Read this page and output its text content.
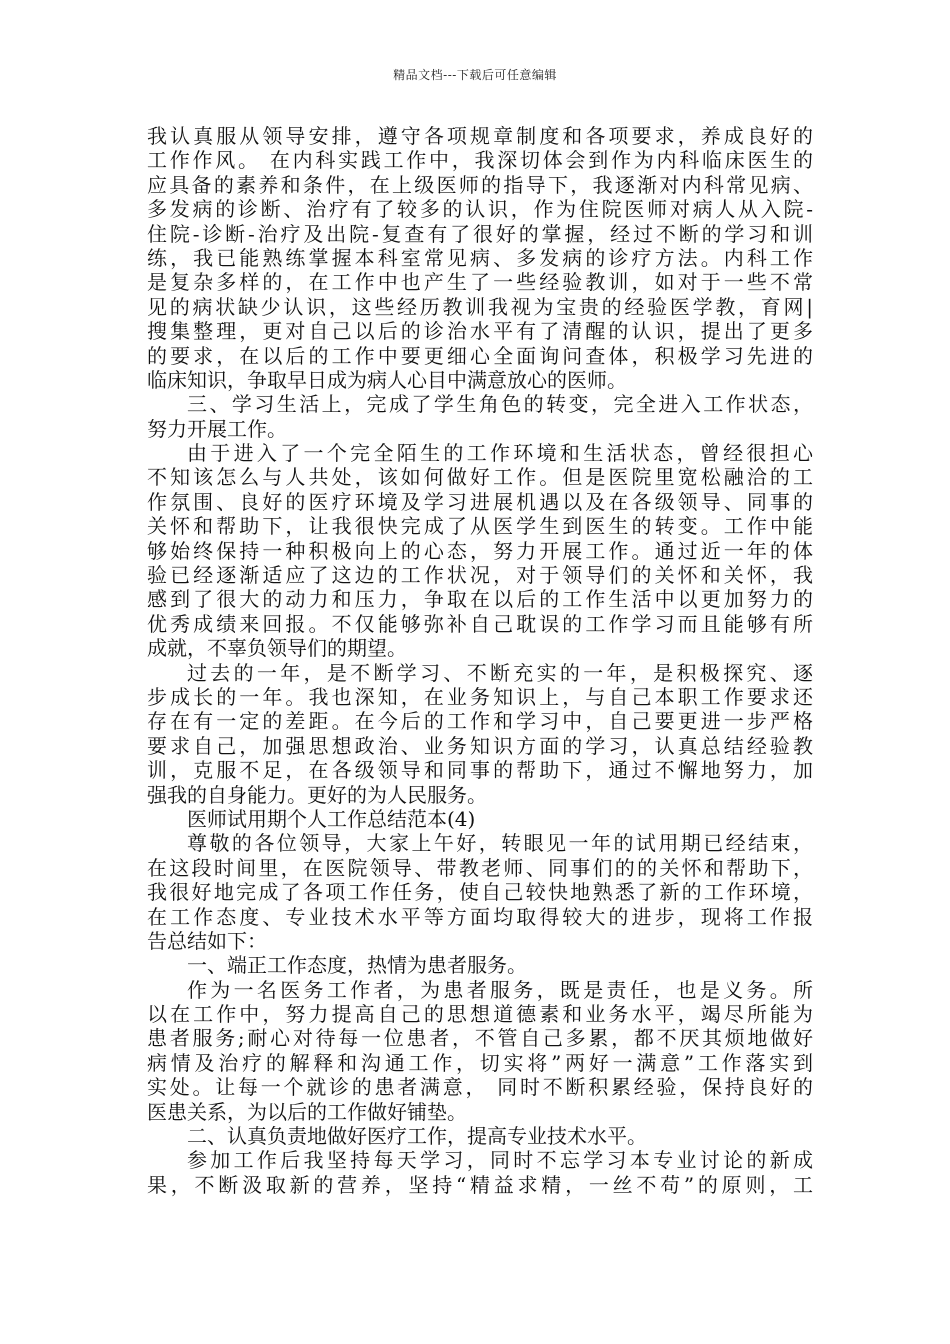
精品文档---下载后可任意编辑
我认真服从领导安排，遵守各项规章制度和各项要求，养成良好的
工作作风。 在内科实践工作中，我深切体会到作为内科临床医生的
应具备的素养和条件，在上级医师的指导下，我逐渐对内科常见病、
多发病的诊断、治疗有了较多的认识，作为住院医师对病人从入院-
住院-诊断-治疗及出院-复查有了很好的掌握，经过不断的学习和训
练，我已能熟练掌握本科室常见病、多发病的诊疗方法。内科工作
是复杂多样的，在工作中也产生了一些经验教训，如对于一些不常
见的病状缺少认识，这些经历教训我视为宝贵的经验医学教，育网|
搜集整理，更对自己以后的诊治水平有了清醒的认识，提出了更多
的要求，在以后的工作中要更细心全面询问查体，积极学习先进的
临床知识，争取早日成为病人心目中满意放心的医师。
三、学习生活上，完成了学生角色的转变，完全进入工作状态，
努力开展工作。
由于进入了一个完全陌生的工作环境和生活状态，曾经很担心
不知该怎么与人共处，该如何做好工作。但是医院里宽松融洽的工
作氛围、良好的医疗环境及学习进展机遇以及在各级领导、同事的
关怀和帮助下，让我很快完成了从医学生到医生的转变。工作中能
够始终保持一种积极向上的心态，努力开展工作。通过近一年的体
验已经逐渐适应了这边的工作状况，对于领导们的关怀和关怀，我
感到了很大的动力和压力，争取在以后的工作生活中以更加努力的
优秀成绩来回报。不仅能够弥补自己耽误的工作学习而且能够有所
成就，不辜负领导们的期望。
过去的一年，是不断学习、不断充实的一年，是积极探究、逐
步成长的一年。我也深知，在业务知识上，与自己本职工作要求还
存在有一定的差距。在今后的工作和学习中，自己要更进一步严格
要求自己，加强思想政治、业务知识方面的学习，认真总结经验教
训，克服不足，在各级领导和同事的帮助下，通过不懈地努力，加
强我的自身能力。更好的为人民服务。
医师试用期个人工作总结范本(4)
尊敬的各位领导，大家上午好，转眼见一年的试用期已经结束，
在这段时间里，在医院领导、带教老师、同事们的的关怀和帮助下，
我很好地完成了各项工作任务，使自己较快地熟悉了新的工作环境，
在工作态度、专业技术水平等方面均取得较大的进步，现将工作报
告总结如下：
一、端正工作态度，热情为患者服务。
作为一名医务工作者，为患者服务，既是责任，也是义务。所
以在工作中，努力提高自己的思想道德素和业务水平，竭尽所能为
患者服务;耐心对待每一位患者，不管自己多累，都不厌其烦地做好
病情及治疗的解释和沟通工作，切实将”两好一满意”工作落实到
实处。让每一个就诊的患者满意， 同时不断积累经验，保持良好的
医患关系，为以后的工作做好铺垫。
二、认真负责地做好医疗工作，提高专业技术水平。
参加工作后我坚持每天学习，同时不忘学习本专业讨论的新成
果，不断汲取新的营养，坚持“精益求精，一丝不苟”的原则，工
